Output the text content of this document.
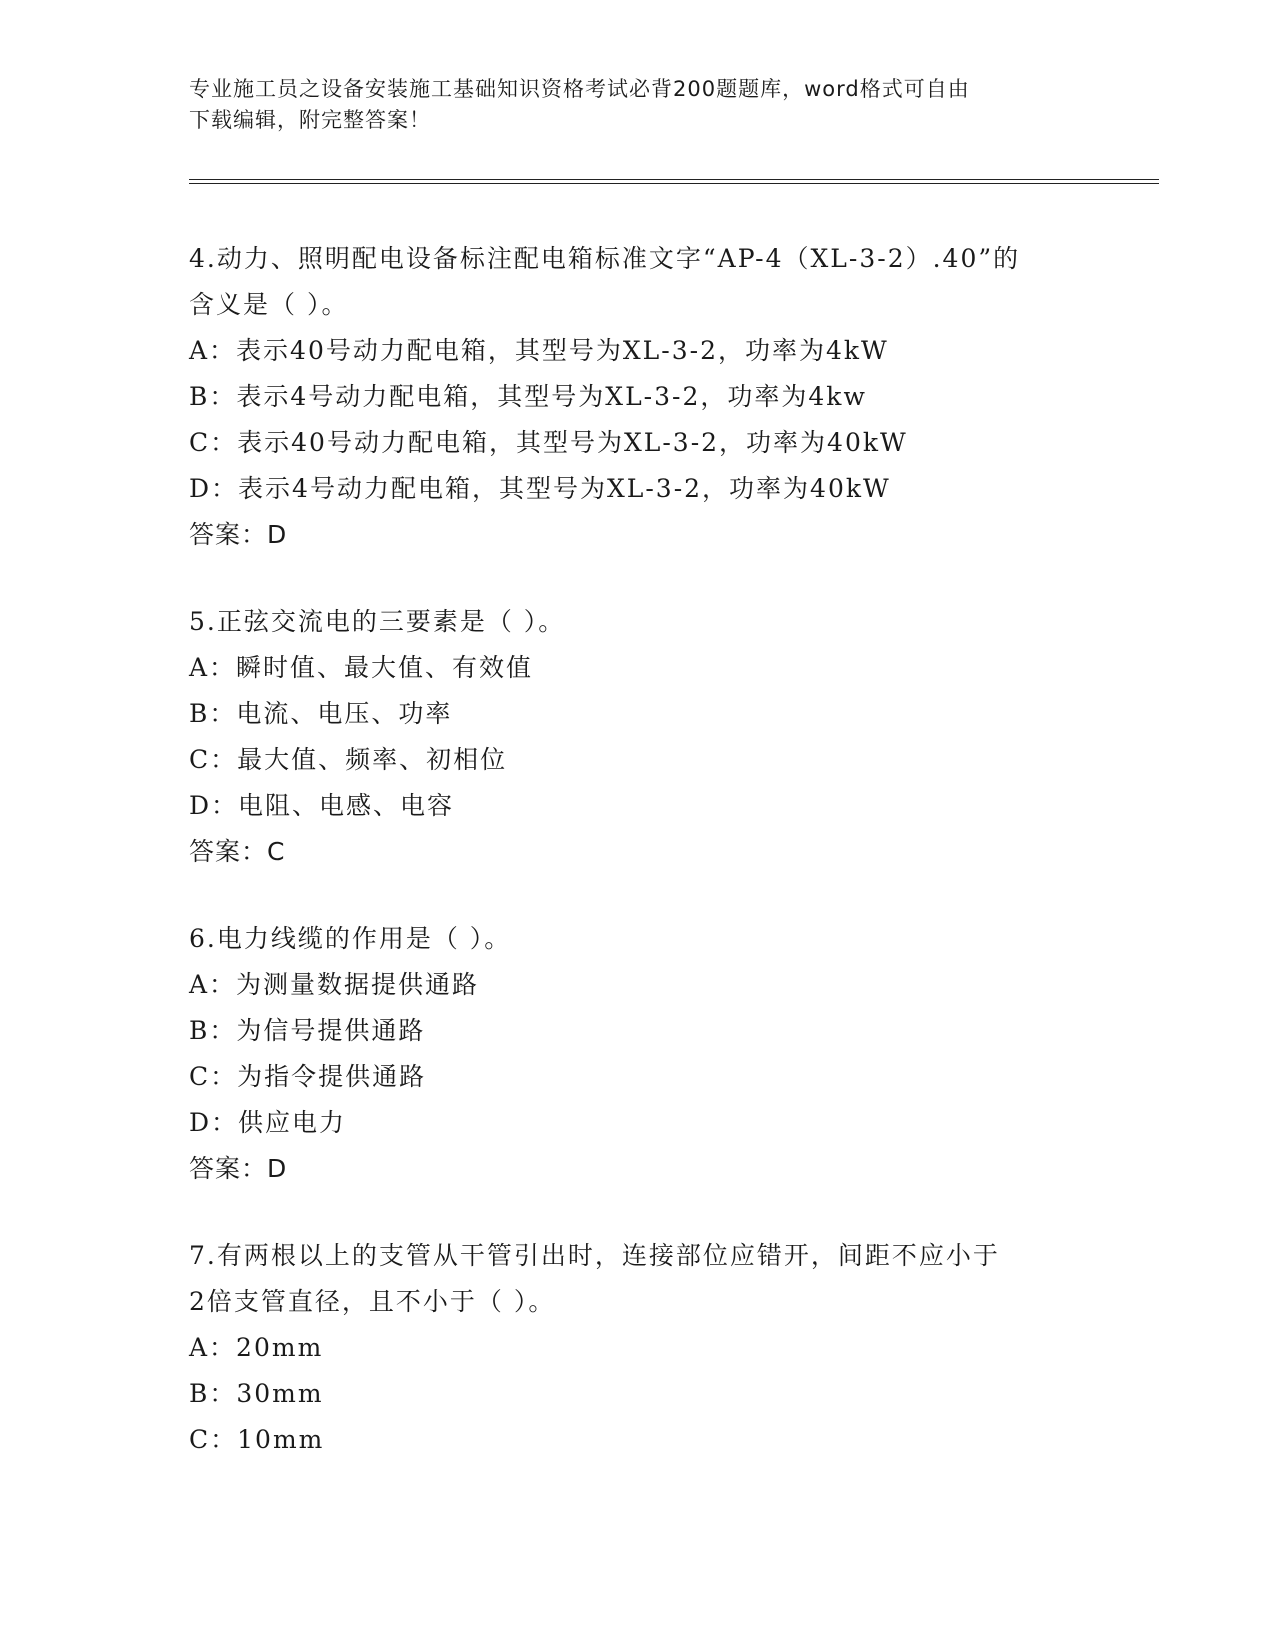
专业施工员之设备安装施工基础知识资格考试必背200题题库，word格式可自由
下载编辑，附完整答案！
4.动力、照明配电设备标注配电箱标准文字“AP-4（XL-3-2）.40”的
含义是（ ）。
A：表示40号动力配电箱，其型号为XL-3-2，功率为4kW
B：表示4号动力配电箱，其型号为XL-3-2，功率为4kw
C：表示40号动力配电箱，其型号为XL-3-2，功率为40kW
D：表示4号动力配电箱，其型号为XL-3-2，功率为40kW
答案：D
5.正弦交流电的三要素是（ ）。
A：瞬时值、最大值、有效值
B：电流、电压、功率
C：最大值、频率、初相位
D：电阻、电感、电容
答案：C
6.电力线缆的作用是（ ）。
A：为测量数据提供通路
B：为信号提供通路
C：为指令提供通路
D：供应电力
答案：D
7.有两根以上的支管从干管引出时，连接部位应错开，间距不应小于
2倍支管直径，且不小于（ ）。
A：20mm
B：30mm
C：10mm
